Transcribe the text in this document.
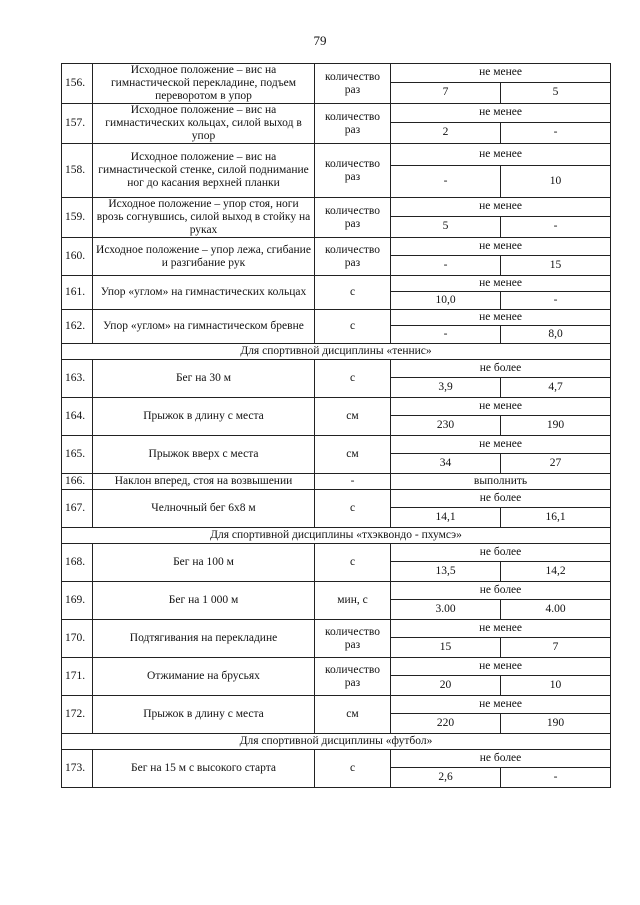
79
156.	Исходное положение – вис на гимнастической перекладине, подъем переворотом в упор	количество раз	не менее	
			7	5
157.	Исходное положение – вис на гимнастических кольцах, силой выход в упор	количество раз	не менее	
			2	-
158.	Исходное положение – вис на гимнастической стенке, силой поднимание ног до касания верхней планки	количество раз	не менее	
			-	10
159.	Исходное положение – упор стоя, ноги врозь согнувшись, силой выход в стойку на руках	количество раз	не менее	
			5	-
160.	Исходное положение – упор лежа, сгибание и разгибание рук	количество раз	не менее	
			-	15
161.	Упор «углом» на гимнастических кольцах	с	не менее	
			10,0	-
162.	Упор «углом» на гимнастическом бревне	с	не менее	
			-	8,0
Для спортивной дисциплины «теннис»				
163.	Бег на 30 м	с	не более	
			3,9	4,7
164.	Прыжок в длину с места	см	не менее	
			230	190
165.	Прыжок вверх с места	см	не менее	
			34	27
166.	Наклон вперед, стоя на возвышении	-	выполнить	
167.	Челночный бег 6х8 м	с	не более	
			14,1	16,1
Для спортивной дисциплины «тхэквондо - пхумсэ»				
168.	Бег на 100 м	с	не более	
			13,5	14,2
169.	Бег на 1 000 м	мин, с	не более	
			3.00	4.00
170.	Подтягивания на перекладине	количество раз	не менее	
			15	7
171.	Отжимание на брусьях	количество раз	не менее	
			20	10
172.	Прыжок в длину с места	см	не менее	
			220	190
Для спортивной дисциплины «футбол»				
173.	Бег на 15 м с высокого старта	с	не более	
			2,6	-
